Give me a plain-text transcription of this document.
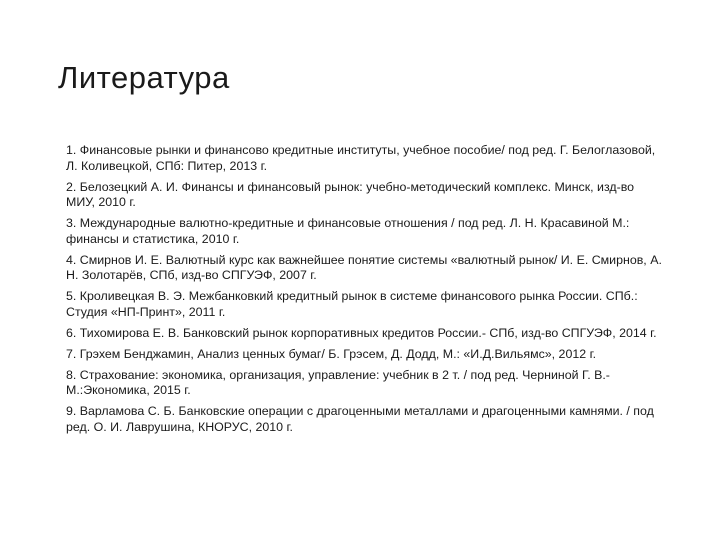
Литература
1. Финансовые рынки и финансово кредитные институты, учебное пособие/ под ред. Г. Белоглазовой, Л. Коливецкой, СПб: Питер, 2013 г.
2. Белозецкий А. И. Финансы и финансовый рынок: учебно-методический комплекс. Минск, изд-во МИУ, 2010 г.
3. Международные валютно-кредитные и финансовые отношения / под ред. Л. Н. Красавиной М.: финансы и статистика, 2010 г.
4. Смирнов И. Е. Валютный курс как важнейшее понятие системы «валютный рынок/ И. Е. Смирнов, А. Н. Золотарёв, СПб, изд-во СПГУЭФ, 2007 г.
5. Кроливецкая В. Э. Межбанковкий кредитный рынок в системе финансового рынка России. СПб.: Студия «НП-Принт», 2011 г.
6. Тихомирова Е. В. Банковский рынок корпоративных кредитов России.- СПб, изд-во СПГУЭФ, 2014 г.
7. Грэхем Бенджамин, Анализ ценных бумаг/ Б. Грэсем, Д. Додд, М.: «И.Д.Вильямс», 2012 г.
8. Страхование: экономика, организация, управление: учебник в 2 т. / под ред. Черниной Г. В.-М.:Экономика, 2015 г.
9. Варламова С. Б. Банковские операции с драгоценными металлами и драгоценными камнями. / под ред. О. И. Лаврушина, КНОРУС, 2010 г.
